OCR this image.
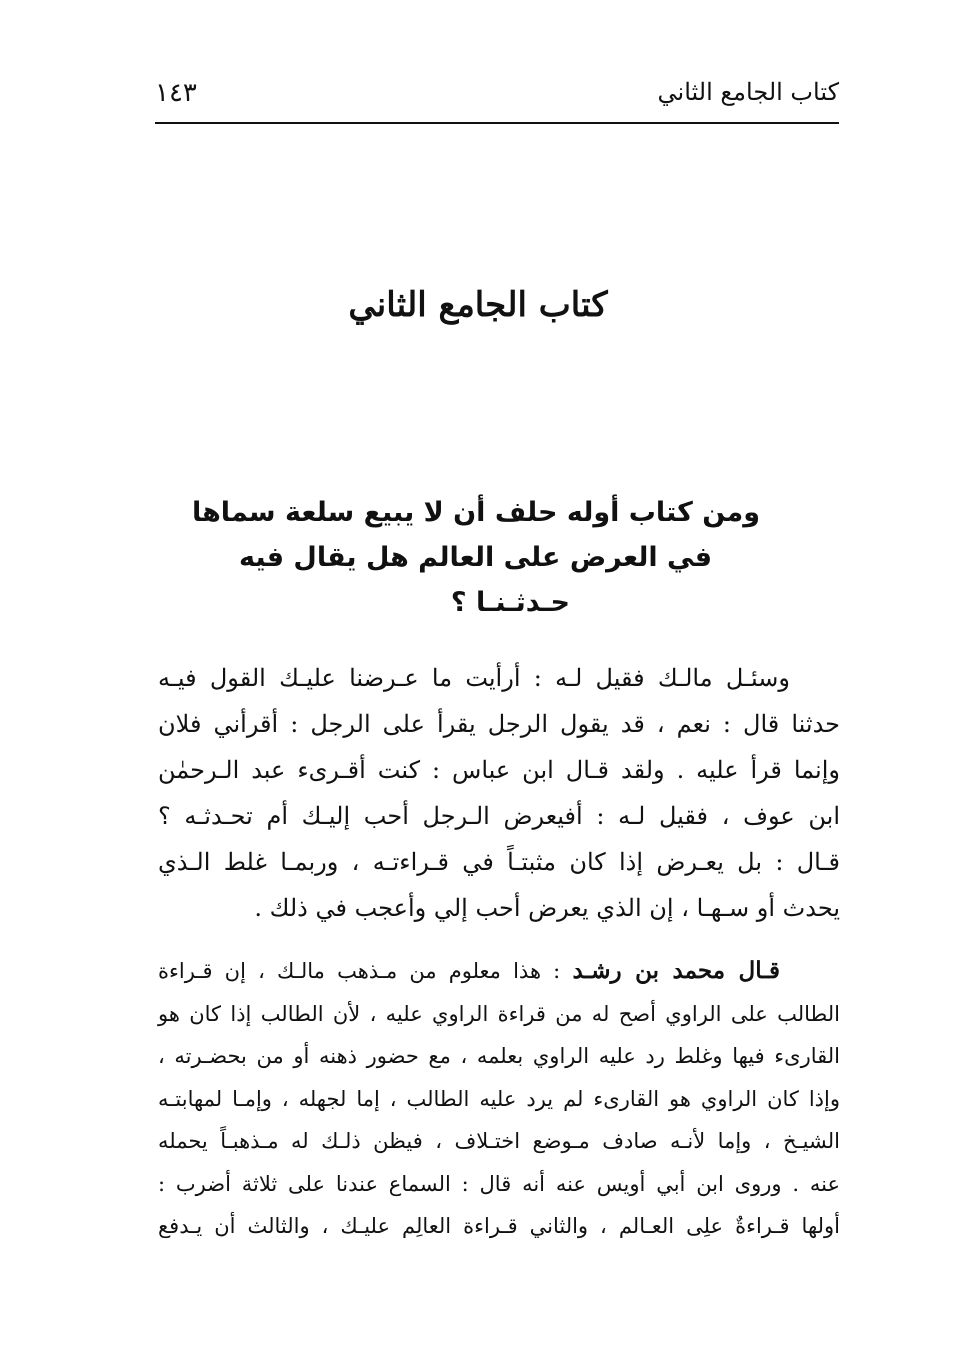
كتاب الجامع الثاني
١٤٣
كتاب الجامع الثاني
ومن كتاب أوله حلف أن لا يبيع سلعة سماها
في العرض على العالم هل يقال فيه
حـدثـنـا ؟
وسئـل مالـك فقيل لـه : أرأيت ما عـرضنا عليـك القول فيـه
حدثنا قال : نعم ، قد يقول الرجل يقرأ على الرجل : أقرأني فلان
وإنما قرأ عليه . ولقد قـال ابن عباس : كنت أقـرىء عبد الـرحمٰن
ابن عوف ، فقيل لـه : أفيعرض الـرجل أحب إليـك أم تحـدثـه ؟
قـال : بل يعـرض إذا كان مثبتـاً في قـراءتـه ، وربمـا غلط الـذي
يحدث أو سـهـا ، إن الذي يعرض أحب إلي وأعجب في ذلك .
قـال محمد بن رشـد : هذا معلوم من مـذهب مالـك ، إن قـراءة
الطالب على الراوي أصح له من قراءة الراوي عليه ، لأن الطالب إذا كان هو
القارىء فيها وغلط رد عليه الراوي بعلمه ، مع حضور ذهنه أو من بحضـرته ،
وإذا كان الراوي هو القارىء لم يرد عليه الطالب ، إما لجهله ، وإمـا لمهابتـه
الشيـخ ، وإما لأنـه صادف مـوضع اختـلاف ، فيظن ذلـك له مـذهبـاً يحمله
عنه . وروى ابن أبي أويس عنه أنه قال : السماع عندنا على ثلاثة أضرب :
أولها قـراءةٌ علِى العـالم ، والثاني قـراءة العالِم عليـك ، والثالث أن يـدفع
